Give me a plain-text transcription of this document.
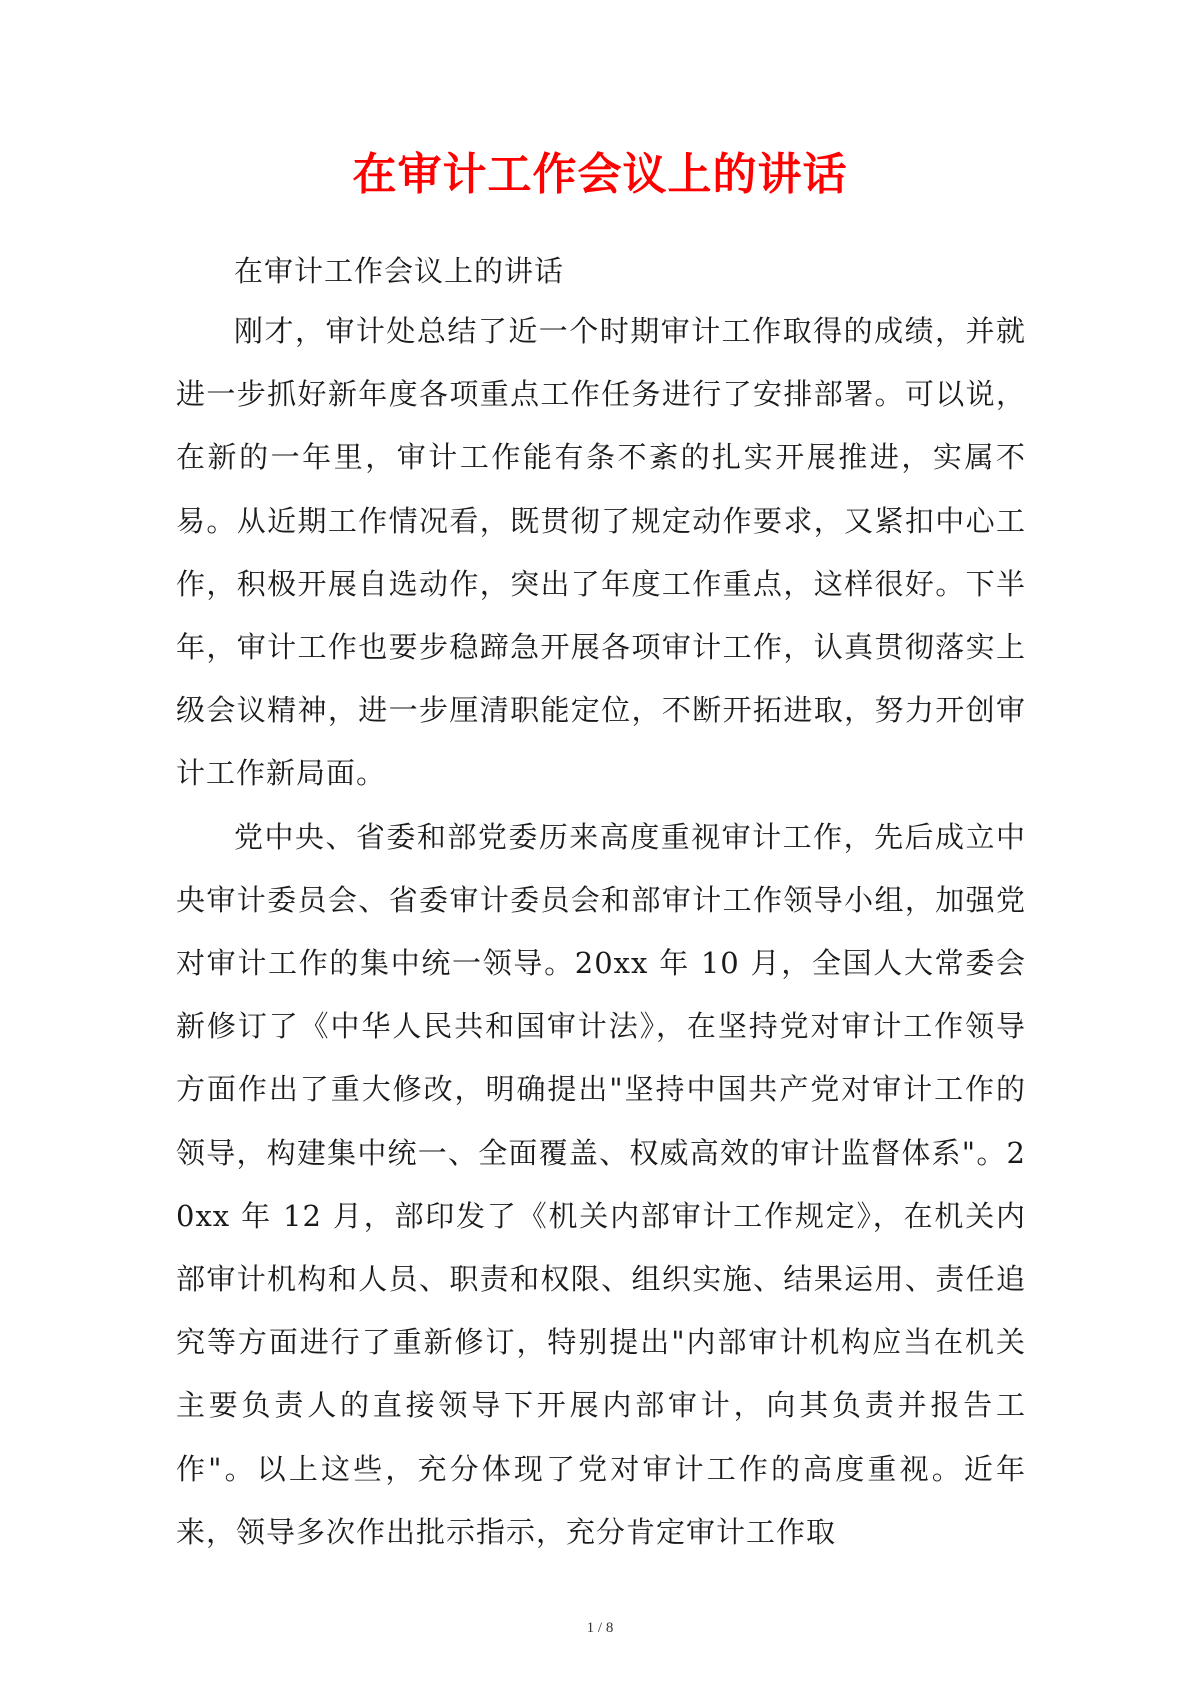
在审计工作会议上的讲话

在审计工作会议上的讲话

刚才，审计处总结了近一个时期审计工作取得的成绩，并就进一步抓好新年度各项重点工作任务进行了安排部署。可以说，在新的一年里，审计工作能有条不紊的扎实开展推进，实属不易。从近期工作情况看，既贯彻了规定动作要求，又紧扣中心工作，积极开展自选动作，突出了年度工作重点，这样很好。下半年，审计工作也要步稳蹄急开展各项审计工作，认真贯彻落实上级会议精神，进一步厘清职能定位，不断开拓进取，努力开创审计工作新局面。

党中央、省委和部党委历来高度重视审计工作，先后成立中央审计委员会、省委审计委员会和部审计工作领导小组，加强党对审计工作的集中统一领导。20xx 年 10 月，全国人大常委会新修订了《中华人民共和国审计法》，在坚持党对审计工作领导方面作出了重大修改，明确提出"坚持中国共产党对审计工作的领导，构建集中统一、全面覆盖、权威高效的审计监督体系"。20xx 年 12 月，部印发了《机关内部审计工作规定》，在机关内部审计机构和人员、职责和权限、组织实施、结果运用、责任追究等方面进行了重新修订，特别提出"内部审计机构应当在机关主要负责人的直接领导下开展内部审计，向其负责并报告工作"。以上这些，充分体现了党对审计工作的高度重视。近年来，领导多次作出批示指示，充分肯定审计工作取

1 / 8
